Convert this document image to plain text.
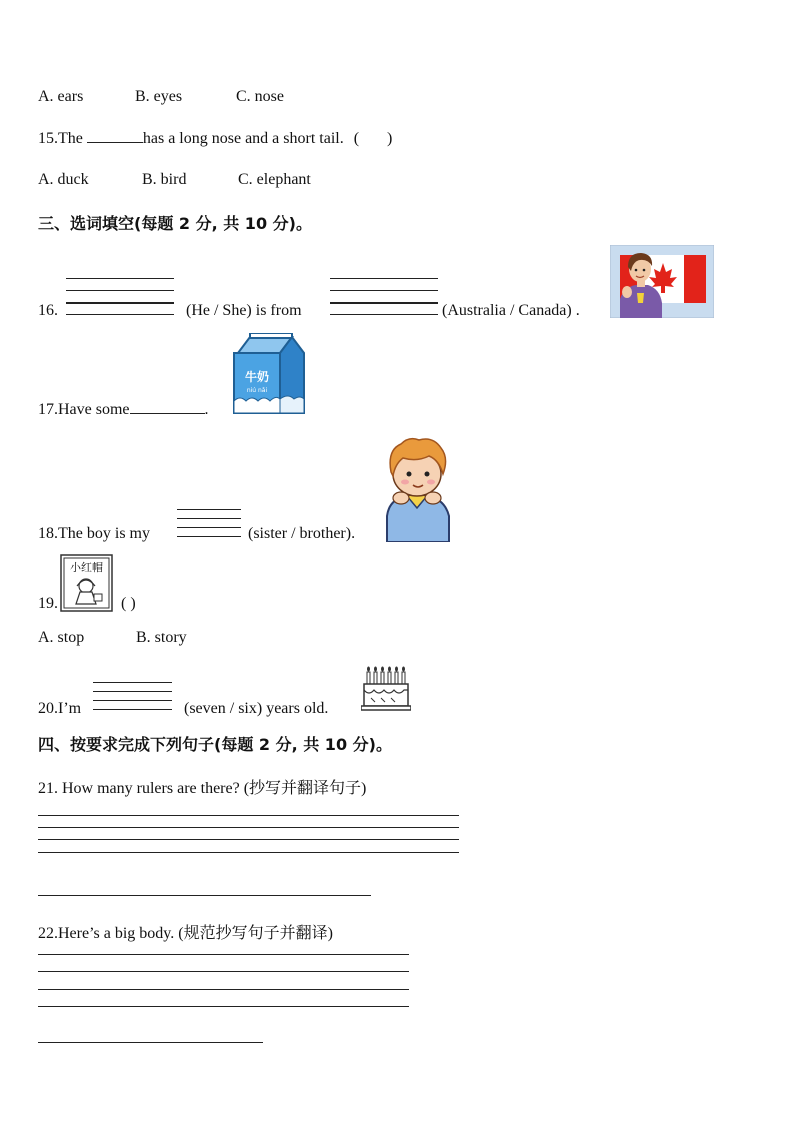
A. ears	B. eyes	C. nose
15.The	has a long nose and a short tail. ( )
A. duck	B. bird	C. elephant
三、选词填空(每题 2 分, 共 10 分)。
16.	(He / She) is from	(Australia / Canada) .
17.Have some	.
牛奶
niú nǎi
18.The boy is my	(sister / brother).
19.
小红帽
( )
A. stop	B. story
20.I’m	(seven / six) years old.
四、按要求完成下列句子(每题 2 分, 共 10 分)。
21. How many rulers are there? (抄写并翻译句子)
22.Here’s a big body. (规范抄写句子并翻译)
